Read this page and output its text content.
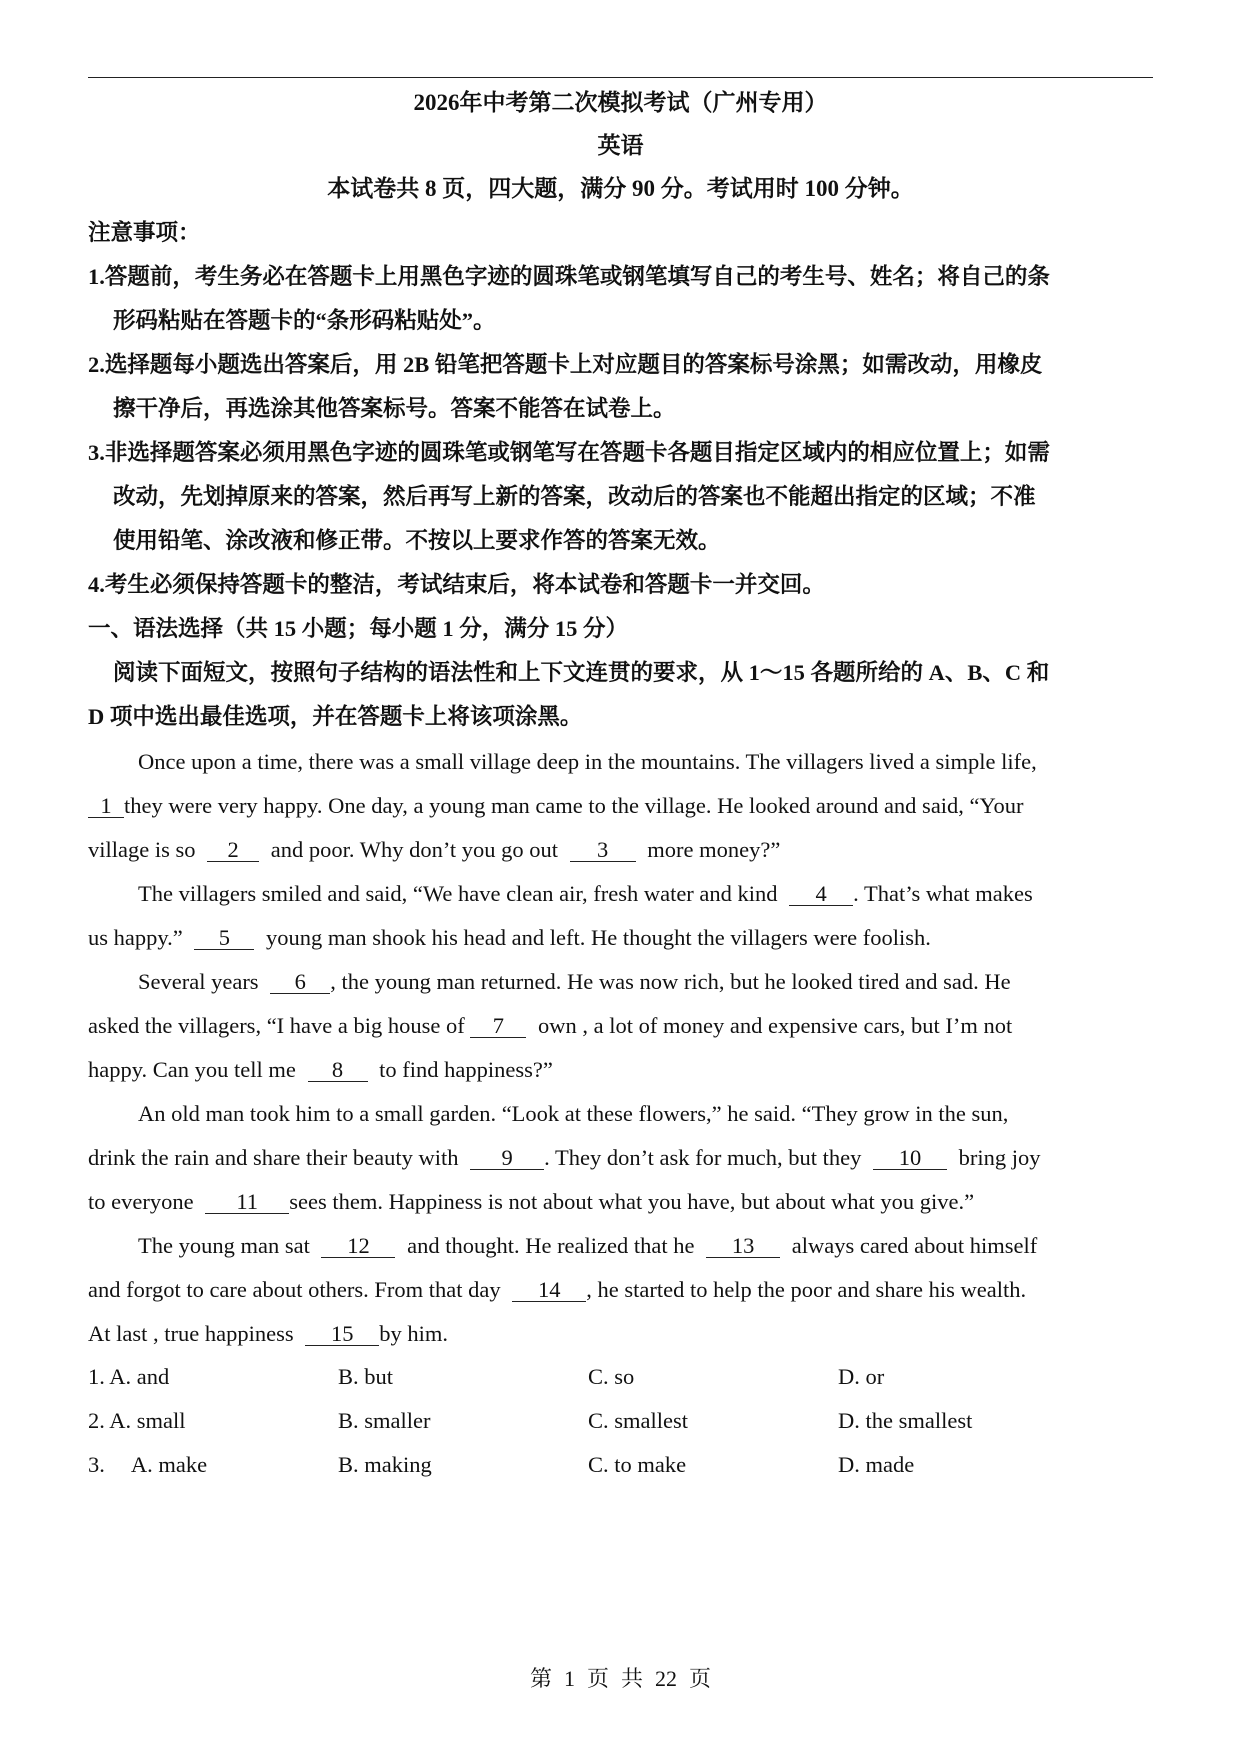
2026年中考第二次模拟考试（广州专用）
英语
本试卷共 8 页，四大题，满分 90 分。考试用时 100 分钟。
注意事项：
1.答题前，考生务必在答题卡上用黑色字迹的圆珠笔或钢笔填写自己的考生号、姓名；将自己的条
形码粘贴在答题卡的“条形码粘贴处”。
2.选择题每小题选出答案后，用 2B 铅笔把答题卡上对应题目的答案标号涂黑；如需改动，用橡皮
擦干净后，再选涂其他答案标号。答案不能答在试卷上。
3.非选择题答案必须用黑色字迹的圆珠笔或钢笔写在答题卡各题目指定区域内的相应位置上；如需
改动，先划掉原来的答案，然后再写上新的答案，改动后的答案也不能超出指定的区域；不准
使用铅笔、涂改液和修正带。不按以上要求作答的答案无效。
4.考生必须保持答题卡的整洁，考试结束后，将本试卷和答题卡一并交回。
一、语法选择（共 15 小题；每小题 1 分，满分 15 分）
阅读下面短文，按照句子结构的语法性和上下文连贯的要求，从 1～15 各题所给的 A、B、C 和
D 项中选出最佳选项，并在答题卡上将该项涂黑。
Once upon a time, there was a small village deep in the mountains. The villagers lived a simple life,
1 they were very happy. One day, a young man came to the village. He looked around and said, “Your
village is so 2 and poor. Why don’t you go out 3 more money?”
The villagers smiled and said, “We have clean air, fresh water and kind 4 . That’s what makes
us happy.” 5 young man shook his head and left. He thought the villagers were foolish.
Several years 6 , the young man returned. He was now rich, but he looked tired and sad. He
asked the villagers, “I have a big house of 7 own , a lot of money and expensive cars, but I’m not
happy. Can you tell me 8 to find happiness?”
An old man took him to a small garden. “Look at these flowers,” he said. “They grow in the sun,
drink the rain and share their beauty with 9 . They don’t ask for much, but they 10 bring joy
to everyone 11 sees them. Happiness is not about what you have, but about what you give.”
The young man sat 12 and thought. He realized that he 13 always cared about himself
and forgot to care about others. From that day 14 , he started to help the poor and share his wealth.
At last , true happiness 15 by him.
1. A. and	B. but	C. so	D. or
2. A. small	B. smaller	C. smallest	D. the smallest
3. A. make	B. making	C. to make	D. made
第 1 页 共 22 页
